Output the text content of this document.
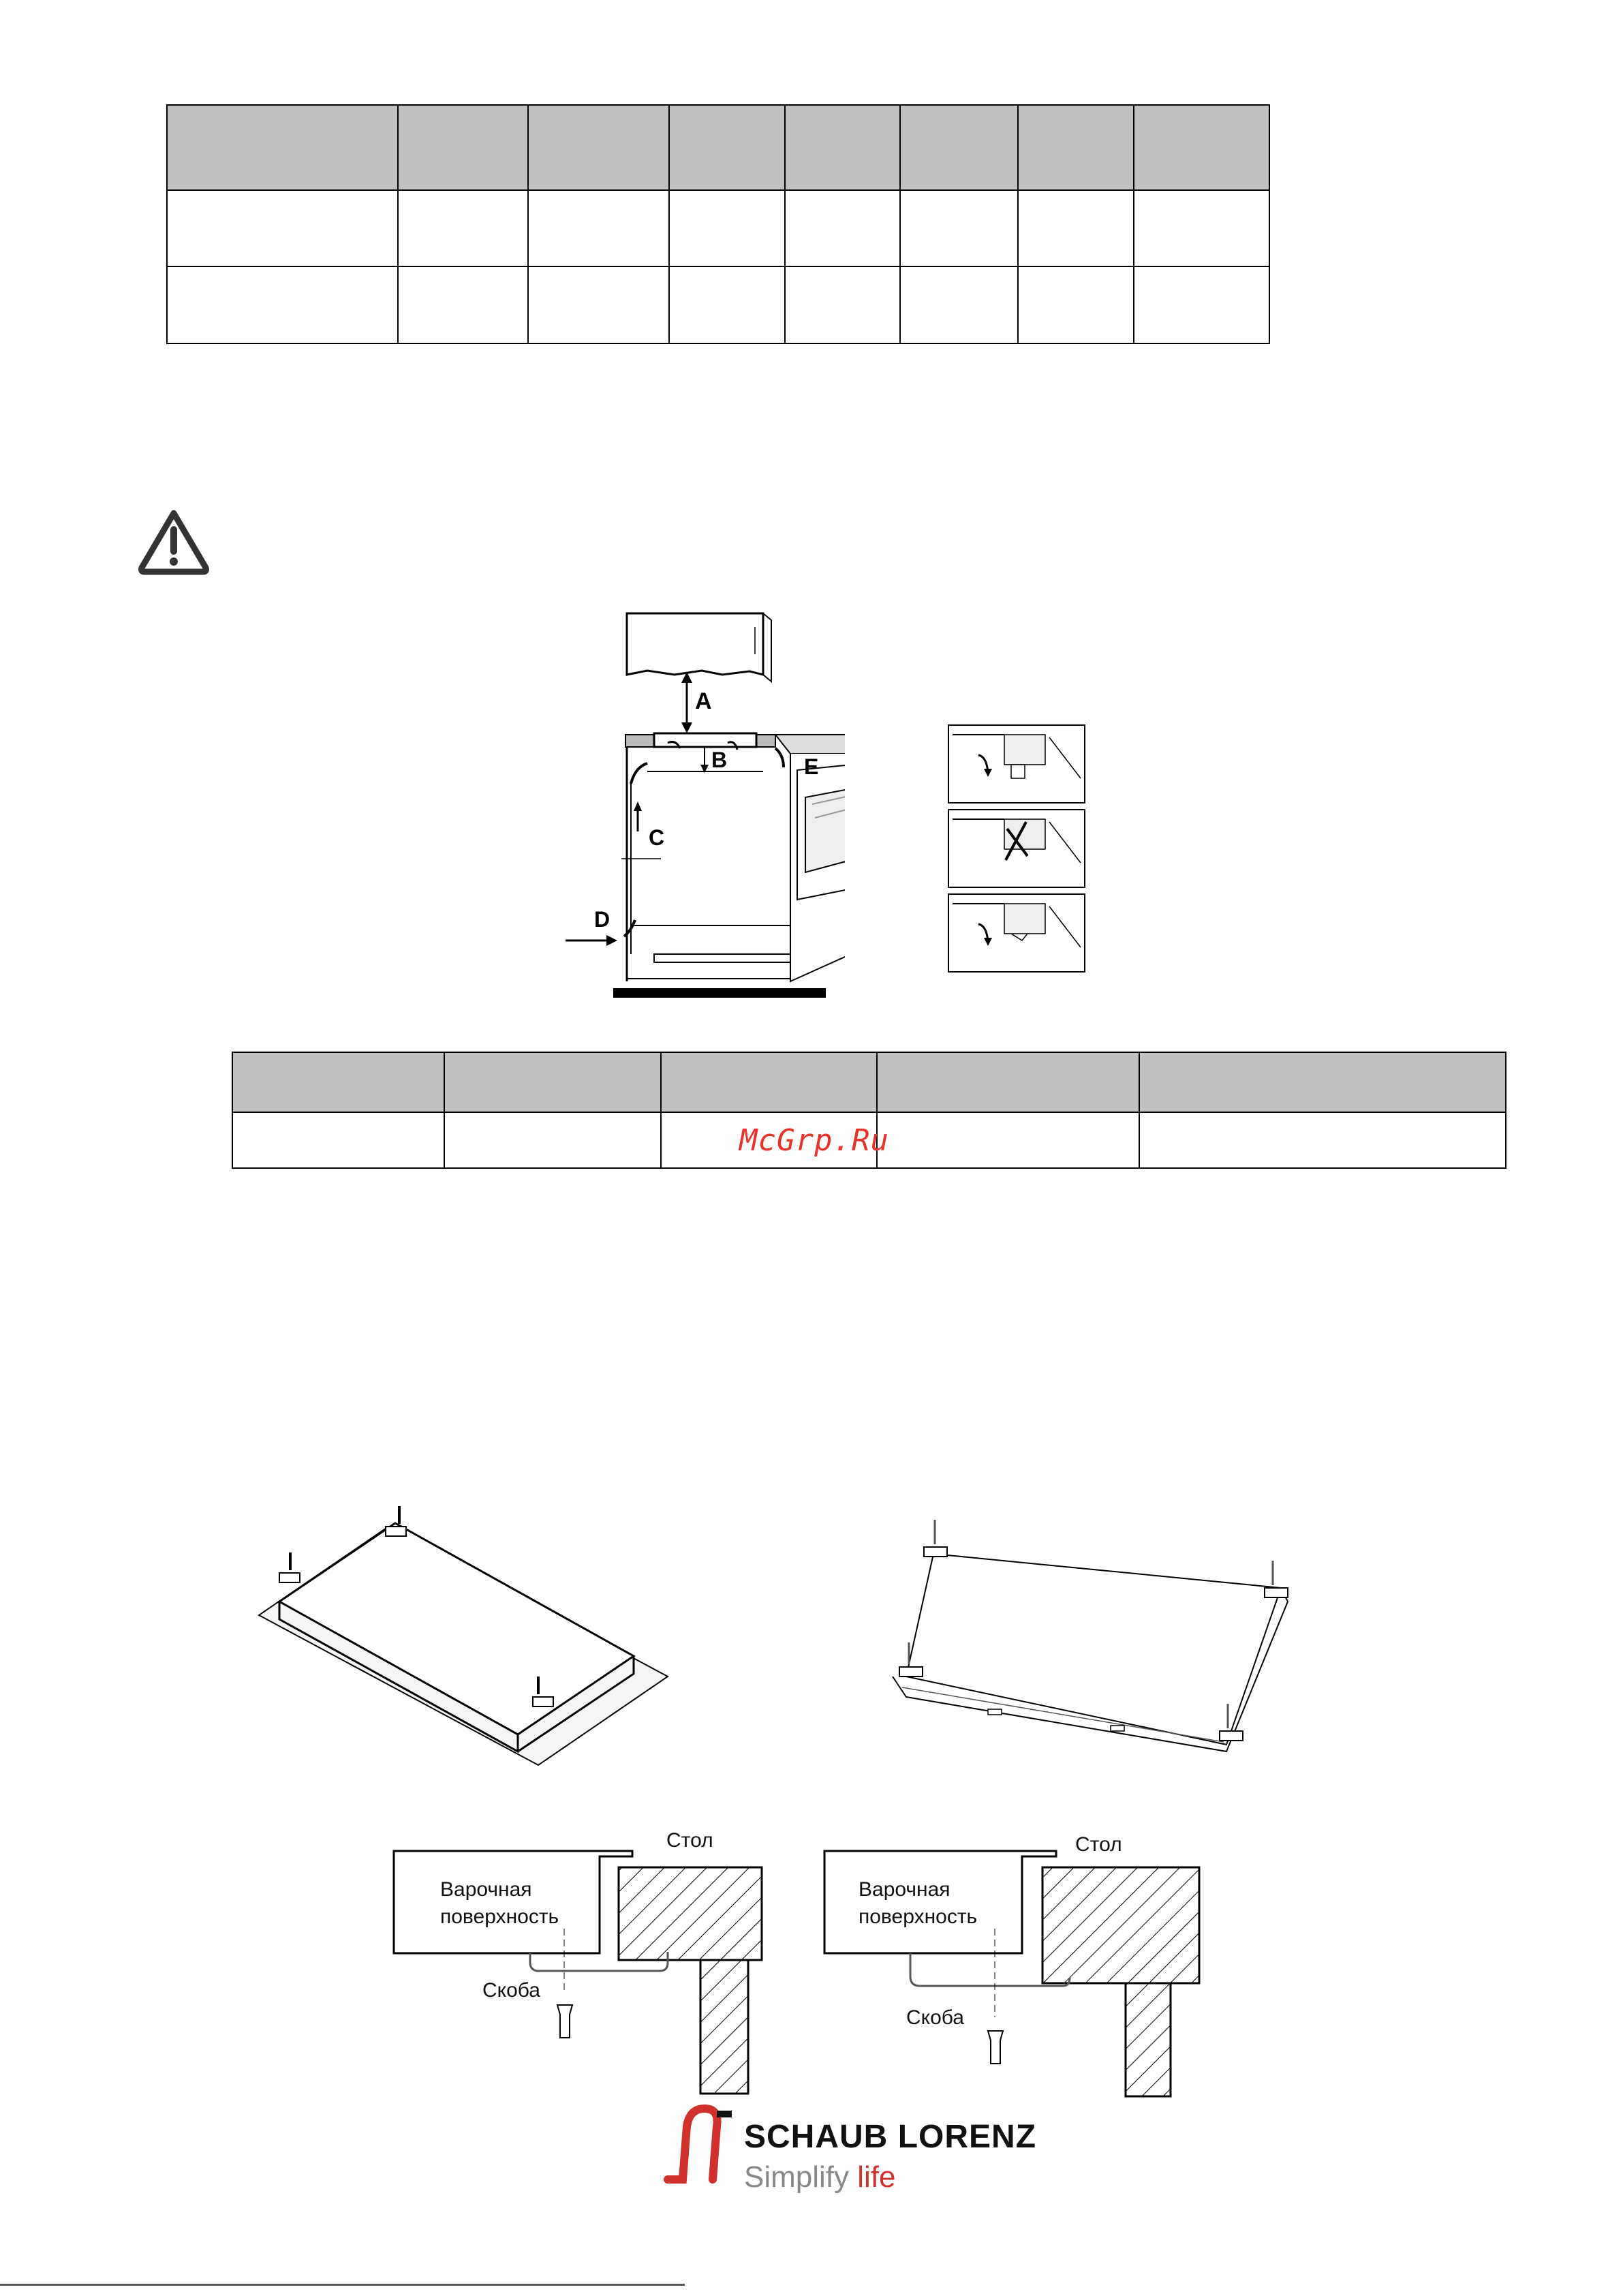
A
B
C
D
E

McGrp.Ru
Стол
Варочная
поверхность
Скоба
Стол
Варочная
поверхность
Скоба
SCHAUB LORENZ
Simplify life
